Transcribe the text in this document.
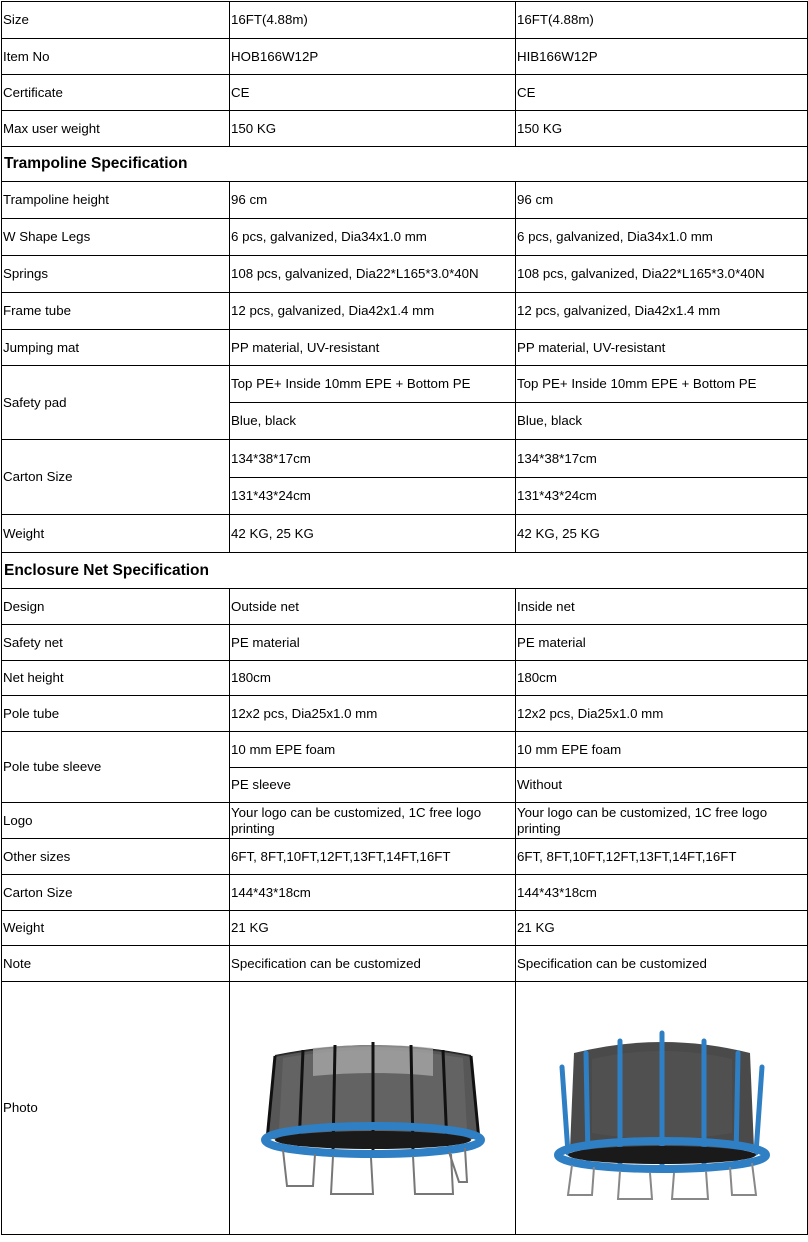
Size	16FT(4.88m)	16FT(4.88m)
Item No	HOB166W12P	HIB166W12P
Certificate	CE	CE
Max user weight	150 KG	150 KG
Trampoline Specification		
Trampoline height	96 cm	96 cm
W Shape Legs	6 pcs, galvanized, Dia34x1.0 mm	6 pcs, galvanized, Dia34x1.0 mm
Springs	108 pcs, galvanized, Dia22*L165*3.0*40N	108 pcs, galvanized, Dia22*L165*3.0*40N
Frame tube	12 pcs, galvanized, Dia42x1.4 mm	12 pcs, galvanized, Dia42x1.4 mm
Jumping mat	PP material, UV-resistant	PP material, UV-resistant
Safety pad	Top PE+ Inside 10mm EPE + Bottom PE	Top PE+ Inside 10mm EPE + Bottom PE
	Blue, black	Blue, black
Carton Size	134*38*17cm	134*38*17cm
	131*43*24cm	131*43*24cm
Weight	42 KG, 25 KG	42 KG, 25 KG
Enclosure Net Specification		
Design	Outside net	Inside net
Safety net	PE material	PE material
Net height	180cm	180cm
Pole tube	12x2 pcs, Dia25x1.0 mm	12x2 pcs, Dia25x1.0 mm
Pole tube sleeve	10 mm EPE foam	10 mm EPE foam
	PE sleeve	Without
Logo	Your logo can be customized, 1C free logo printing	Your logo can be customized, 1C free logo printing
Other sizes	6FT, 8FT,10FT,12FT,13FT,14FT,16FT	6FT, 8FT,10FT,12FT,13FT,14FT,16FT
Carton Size	144*43*18cm	144*43*18cm
Weight	21 KG	21 KG
Note	Specification can be customized	Specification can be customized
Photo	
